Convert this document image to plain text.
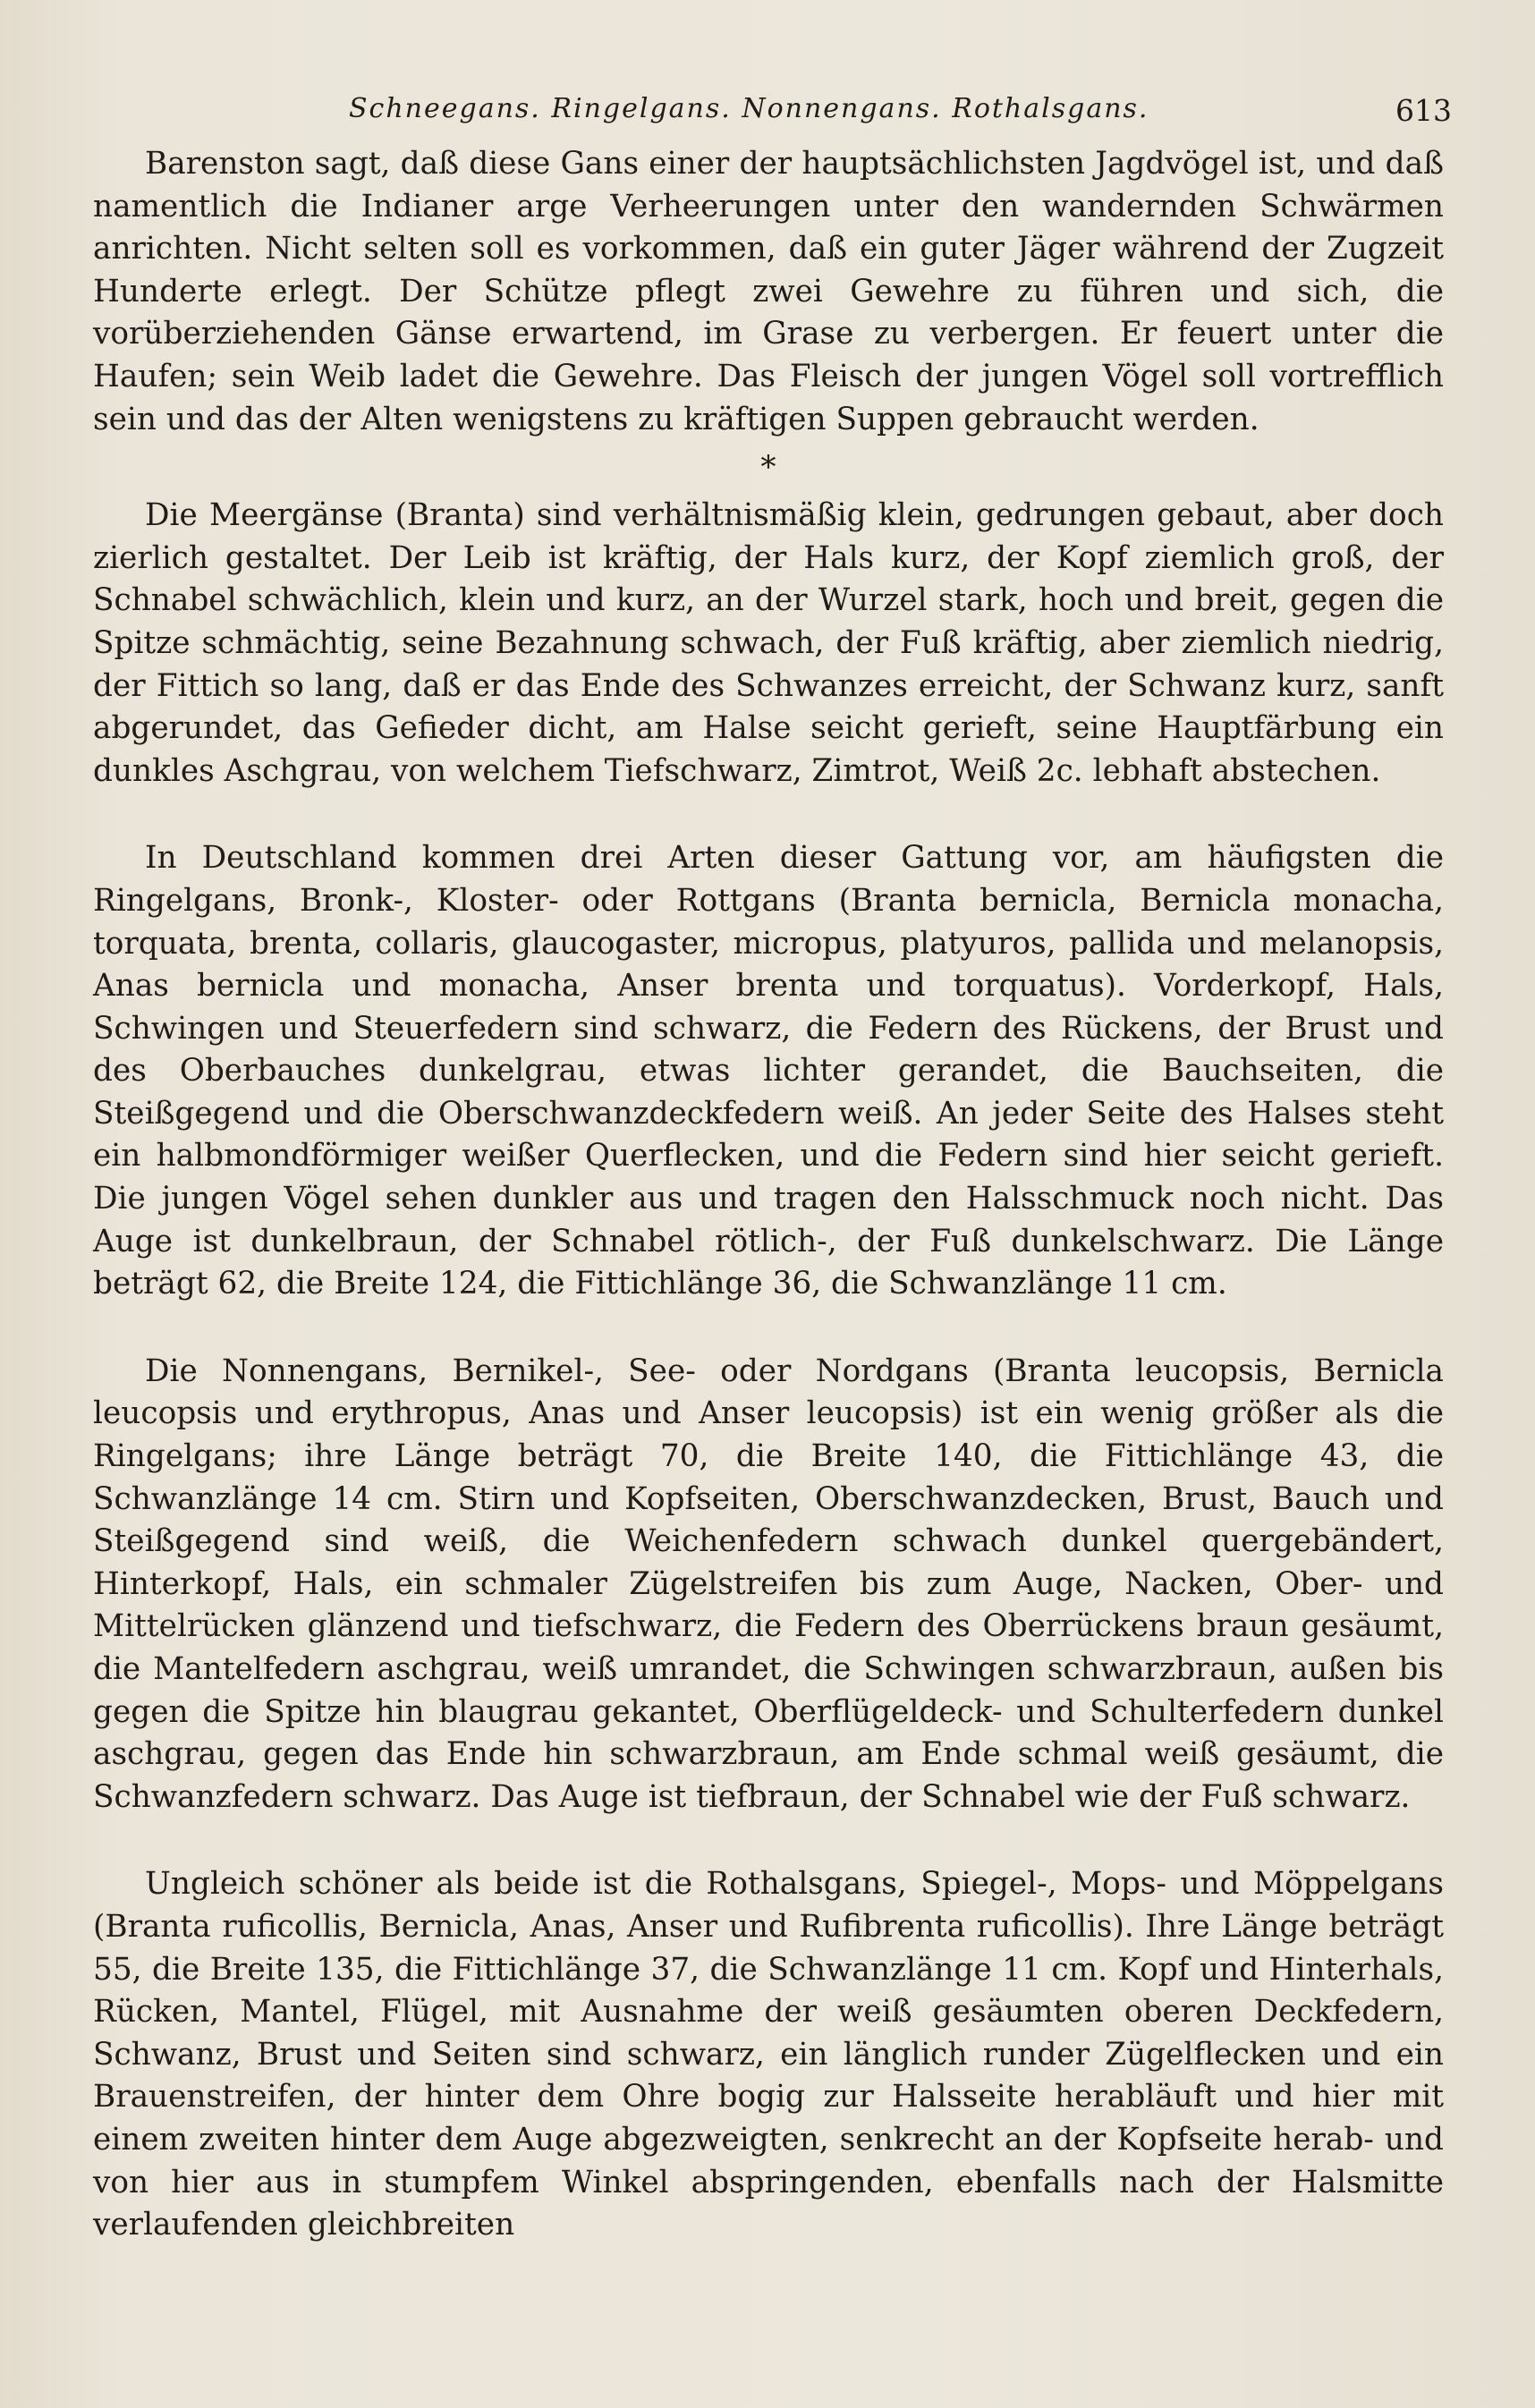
Schneegans. Ringelgans. Nonnengans. Rothalsgans.	613

Barenston sagt, daß diese Gans einer der hauptsächlichsten Jagdvögel ist, und daß namentlich die Indianer arge Verheerungen unter den wandernden Schwärmen anrichten. Nicht selten soll es vorkommen, daß ein guter Jäger während der Zugzeit Hunderte erlegt. Der Schütze pflegt zwei Gewehre zu führen und sich, die vorüberziehenden Gänse erwartend, im Grase zu verbergen. Er feuert unter die Haufen; sein Weib ladet die Gewehre. Das Fleisch der jungen Vögel soll vortrefflich sein und das der Alten wenigstens zu kräftigen Suppen gebraucht werden.

*

Die Meergänse (Branta) sind verhältnismäßig klein, gedrungen gebaut, aber doch zierlich gestaltet. Der Leib ist kräftig, der Hals kurz, der Kopf ziemlich groß, der Schnabel schwächlich, klein und kurz, an der Wurzel stark, hoch und breit, gegen die Spitze schmächtig, seine Bezahnung schwach, der Fuß kräftig, aber ziemlich niedrig, der Fittich so lang, daß er das Ende des Schwanzes erreicht, der Schwanz kurz, sanft abgerundet, das Gefieder dicht, am Halse seicht gerieft, seine Hauptfärbung ein dunkles Aschgrau, von welchem Tiefschwarz, Zimtrot, Weiß 2c. lebhaft abstechen.

In Deutschland kommen drei Arten dieser Gattung vor, am häufigsten die Ringelgans, Bronk-, Kloster- oder Rottgans (Branta bernicla, Bernicla monacha, torquata, brenta, collaris, glaucogaster, micropus, platyuros, pallida und melanopsis, Anas bernicla und monacha, Anser brenta und torquatus). Vorderkopf, Hals, Schwingen und Steuerfedern sind schwarz, die Federn des Rückens, der Brust und des Oberbauches dunkelgrau, etwas lichter gerandet, die Bauchseiten, die Steißgegend und die Oberschwanzdeckfedern weiß. An jeder Seite des Halses steht ein halbmondförmiger weißer Querflecken, und die Federn sind hier seicht gerieft. Die jungen Vögel sehen dunkler aus und tragen den Halsschmuck noch nicht. Das Auge ist dunkelbraun, der Schnabel rötlich-, der Fuß dunkelschwarz. Die Länge beträgt 62, die Breite 124, die Fittichlänge 36, die Schwanzlänge 11 cm.

Die Nonnengans, Bernikel-, See- oder Nordgans (Branta leucopsis, Bernicla leucopsis und erythropus, Anas und Anser leucopsis) ist ein wenig größer als die Ringelgans; ihre Länge beträgt 70, die Breite 140, die Fittichlänge 43, die Schwanzlänge 14 cm. Stirn und Kopfseiten, Oberschwanzdecken, Brust, Bauch und Steißgegend sind weiß, die Weichenfedern schwach dunkel quergebändert, Hinterkopf, Hals, ein schmaler Zügelstreifen bis zum Auge, Nacken, Ober- und Mittelrücken glänzend und tiefschwarz, die Federn des Oberrückens braun gesäumt, die Mantelfedern aschgrau, weiß umrandet, die Schwingen schwarzbraun, außen bis gegen die Spitze hin blaugrau gekantet, Oberflügeldeck- und Schulterfedern dunkel aschgrau, gegen das Ende hin schwarzbraun, am Ende schmal weiß gesäumt, die Schwanzfedern schwarz. Das Auge ist tiefbraun, der Schnabel wie der Fuß schwarz.

Ungleich schöner als beide ist die Rothalsgans, Spiegel-, Mops- und Möppelgans (Branta ruficollis, Bernicla, Anas, Anser und Rufibrenta ruficollis). Ihre Länge beträgt 55, die Breite 135, die Fittichlänge 37, die Schwanzlänge 11 cm. Kopf und Hinterhals, Rücken, Mantel, Flügel, mit Ausnahme der weiß gesäumten oberen Deckfedern, Schwanz, Brust und Seiten sind schwarz, ein länglich runder Zügelflecken und ein Brauenstreifen, der hinter dem Ohre bogig zur Halsseite herabläuft und hier mit einem zweiten hinter dem Auge abgezweigten, senkrecht an der Kopfseite herab- und von hier aus in stumpfem Winkel abspringenden, ebenfalls nach der Halsmitte verlaufenden gleichbreiten
